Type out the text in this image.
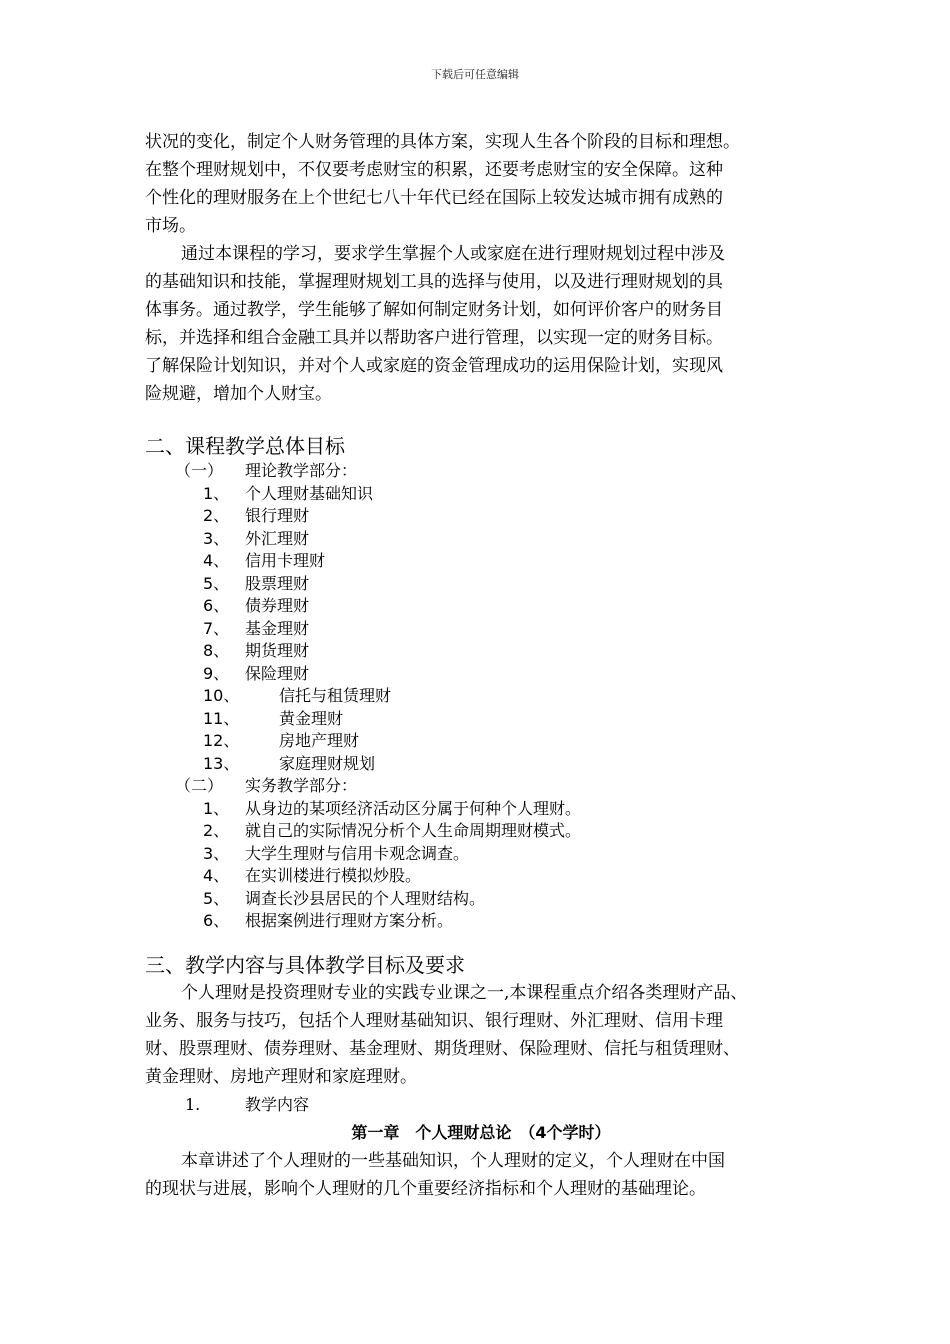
下载后可任意编辑

状况的变化，制定个人财务管理的具体方案，实现人生各个阶段的目标和理想。

在整个理财规划中，不仅要考虑财宝的积累，还要考虑财宝的安全保障。这种

个性化的理财服务在上个世纪七八十年代已经在国际上较发达城市拥有成熟的

市场。

通过本课程的学习，要求学生掌握个人或家庭在进行理财规划过程中涉及

的基础知识和技能，掌握理财规划工具的选择与使用，以及进行理财规划的具

体事务。通过教学，学生能够了解如何制定财务计划，如何评价客户的财务目

标，并选择和组合金融工具并以帮助客户进行管理，以实现一定的财务目标。

了解保险计划知识，并对个人或家庭的资金管理成功的运用保险计划，实现风

险规避，增加个人财宝。

二、课程教学总体目标
（一） 理论教学部分：
1、 个人理财基础知识
2、 银行理财
3、 外汇理财
4、 信用卡理财
5、 股票理财
6、 债券理财
7、 基金理财
8、 期货理财
9、 保险理财
10、 信托与租赁理财
11、 黄金理财
12、 房地产理财
13、 家庭理财规划
（二） 实务教学部分：
1、 从身边的某项经济活动区分属于何种个人理财。
2、 就自己的实际情况分析个人生命周期理财模式。
3、 大学生理财与信用卡观念调查。
4、 在实训楼进行模拟炒股。
5、 调查长沙县居民的个人理财结构。
6、 根据案例进行理财方案分析。
三、教学内容与具体教学目标及要求

个人理财是投资理财专业的实践专业课之一,本课程重点介绍各类理财产品、

业务、服务与技巧，包括个人理财基础知识、银行理财、外汇理财、信用卡理

财、股票理财、债券理财、基金理财、期货理财、保险理财、信托与租赁理财、

黄金理财、房地产理财和家庭理财。

1.	教学内容
第一章　个人理财总论　（4个学时）

本章讲述了个人理财的一些基础知识，个人理财的定义，个人理财在中国

的现状与进展，影响个人理财的几个重要经济指标和个人理财的基础理论。
